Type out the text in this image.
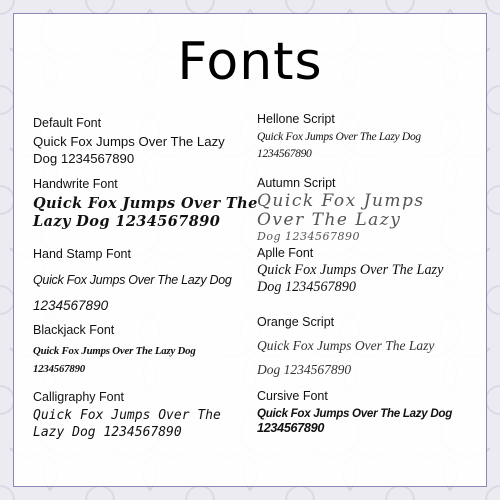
Fonts
Default Font
Quick Fox Jumps Over The Lazy
Dog 1234567890
Handwrite Font
Quick Fox Jumps Over The
Lazy Dog 1234567890
Hand Stamp Font
Quick Fox Jumps Over The Lazy Dog
1234567890
Blackjack Font
Quick Fox Jumps Over The Lazy Dog
1234567890
Calligraphy Font
Quick Fox Jumps Over The
Lazy Dog 1234567890
Hellone Script
Quick Fox Jumps Over The Lazy Dog
1234567890
Autumn Script
Quick Fox Jumps
Over The Lazy
Dog 1234567890
Aplle Font
Quick Fox Jumps Over The Lazy
Dog 1234567890
Orange Script
Quick Fox Jumps Over The Lazy
Dog 1234567890
Cursive Font
Quick Fox Jumps Over The Lazy Dog
1234567890
